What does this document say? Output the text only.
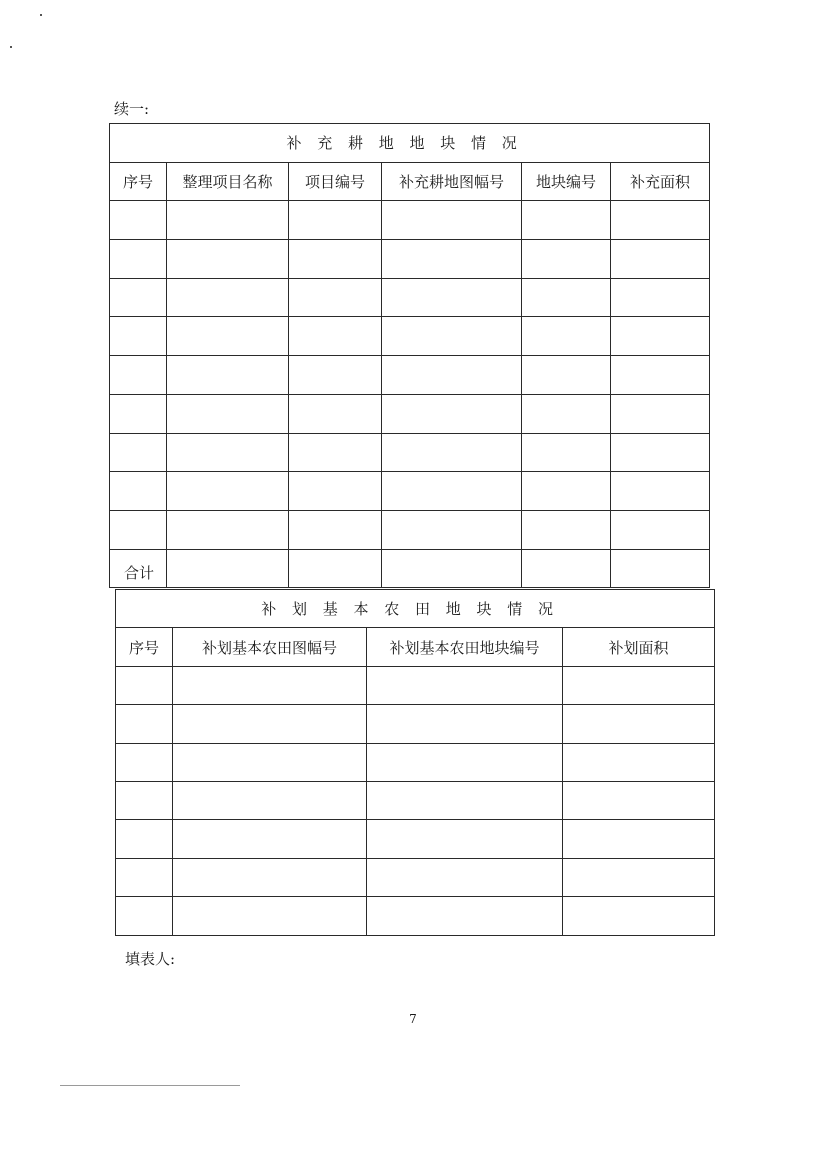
续一:
补充耕地地块情况					
序号	整理项目名称	项目编号	补充耕地图幅号	地块编号	补充面积

合计					
补划基本农田地块情况			
序号	补划基本农田图幅号	补划基本农田地块编号	补划面积

填表人:
7
